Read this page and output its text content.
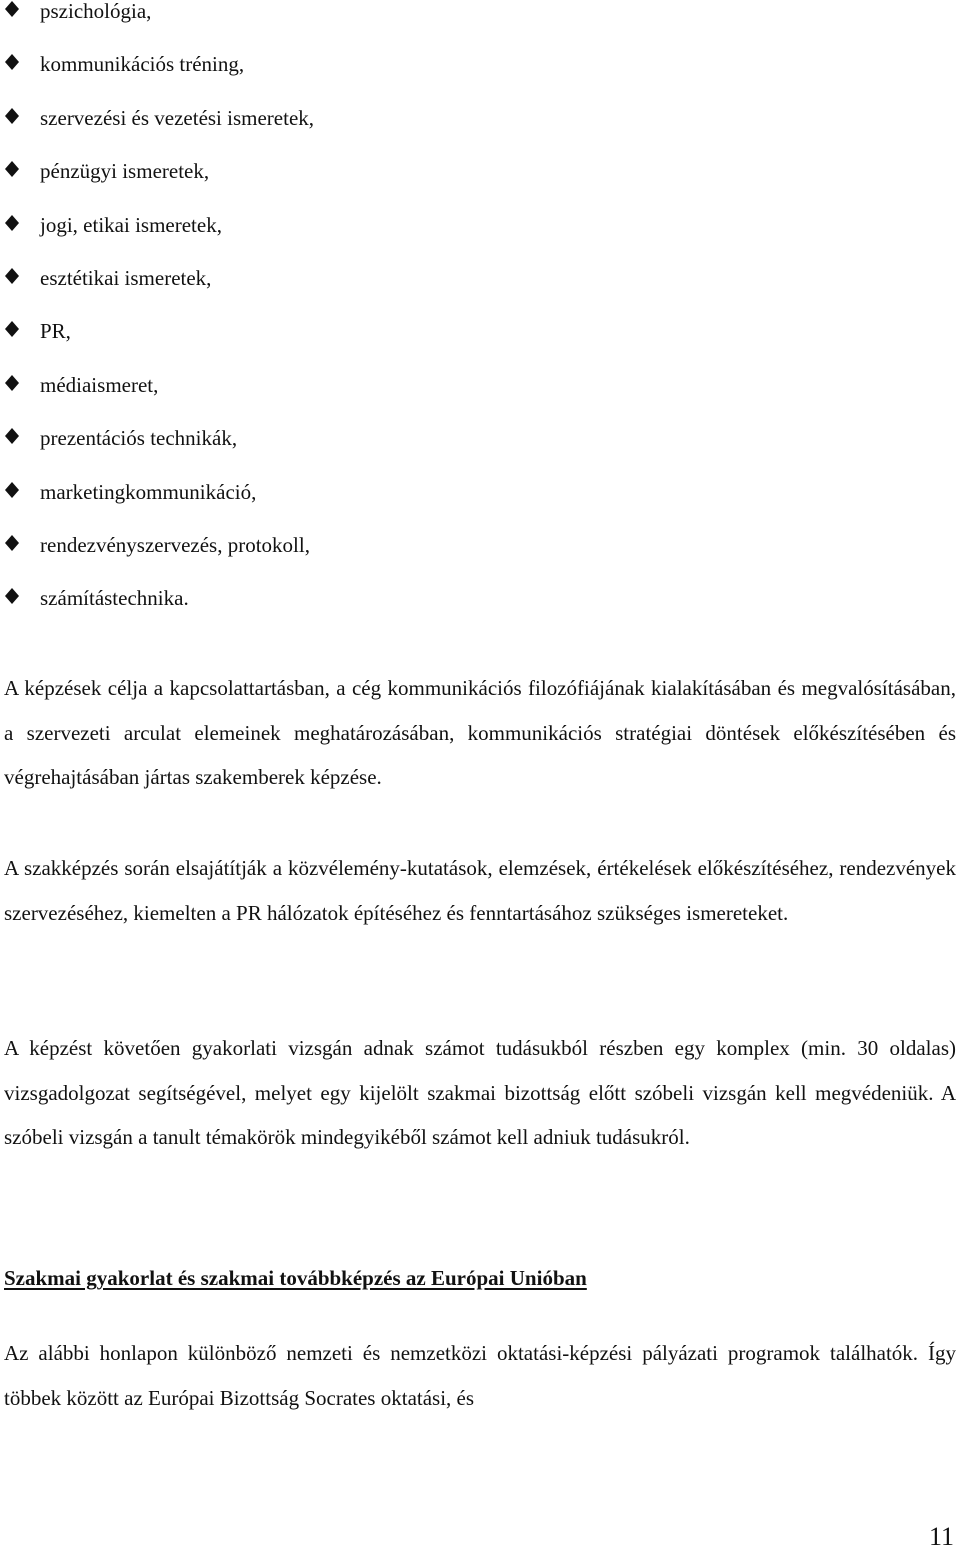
pszichológia,
kommunikációs tréning,
szervezési és vezetési ismeretek,
pénzügyi ismeretek,
jogi, etikai ismeretek,
esztétikai ismeretek,
PR,
médiaismeret,
prezentációs technikák,
marketingkommunikáció,
rendezvényszervezés, protokoll,
számítástechnika.

A képzések célja a kapcsolattartásban, a cég kommunikációs filozófiájának kialakításában és megvalósításában, a szervezeti arculat elemeinek meghatározásában, kommunikációs stratégiai döntések előkészítésében és végrehajtásában jártas szakemberek képzése.

A szakképzés során elsajátítják a közvélemény-kutatások, elemzések, értékelések előkészítéséhez, rendezvények szervezéséhez, kiemelten a PR hálózatok építéséhez és fenntartásához szükséges ismereteket.

A képzést követően gyakorlati vizsgán adnak számot tudásukból részben egy komplex (min. 30 oldalas) vizsgadolgozat segítségével, melyet egy kijelölt szakmai bizottság előtt szóbeli vizsgán kell megvédeniük. A szóbeli vizsgán a tanult témakörök mindegyikéből számot kell adniuk tudásukról.

Szakmai gyakorlat és szakmai továbbképzés az Európai Unióban

Az alábbi honlapon különböző nemzeti és nemzetközi oktatási-képzési pályázati programok találhatók. Így többek között az Európai Bizottság Socrates oktatási, és

11
